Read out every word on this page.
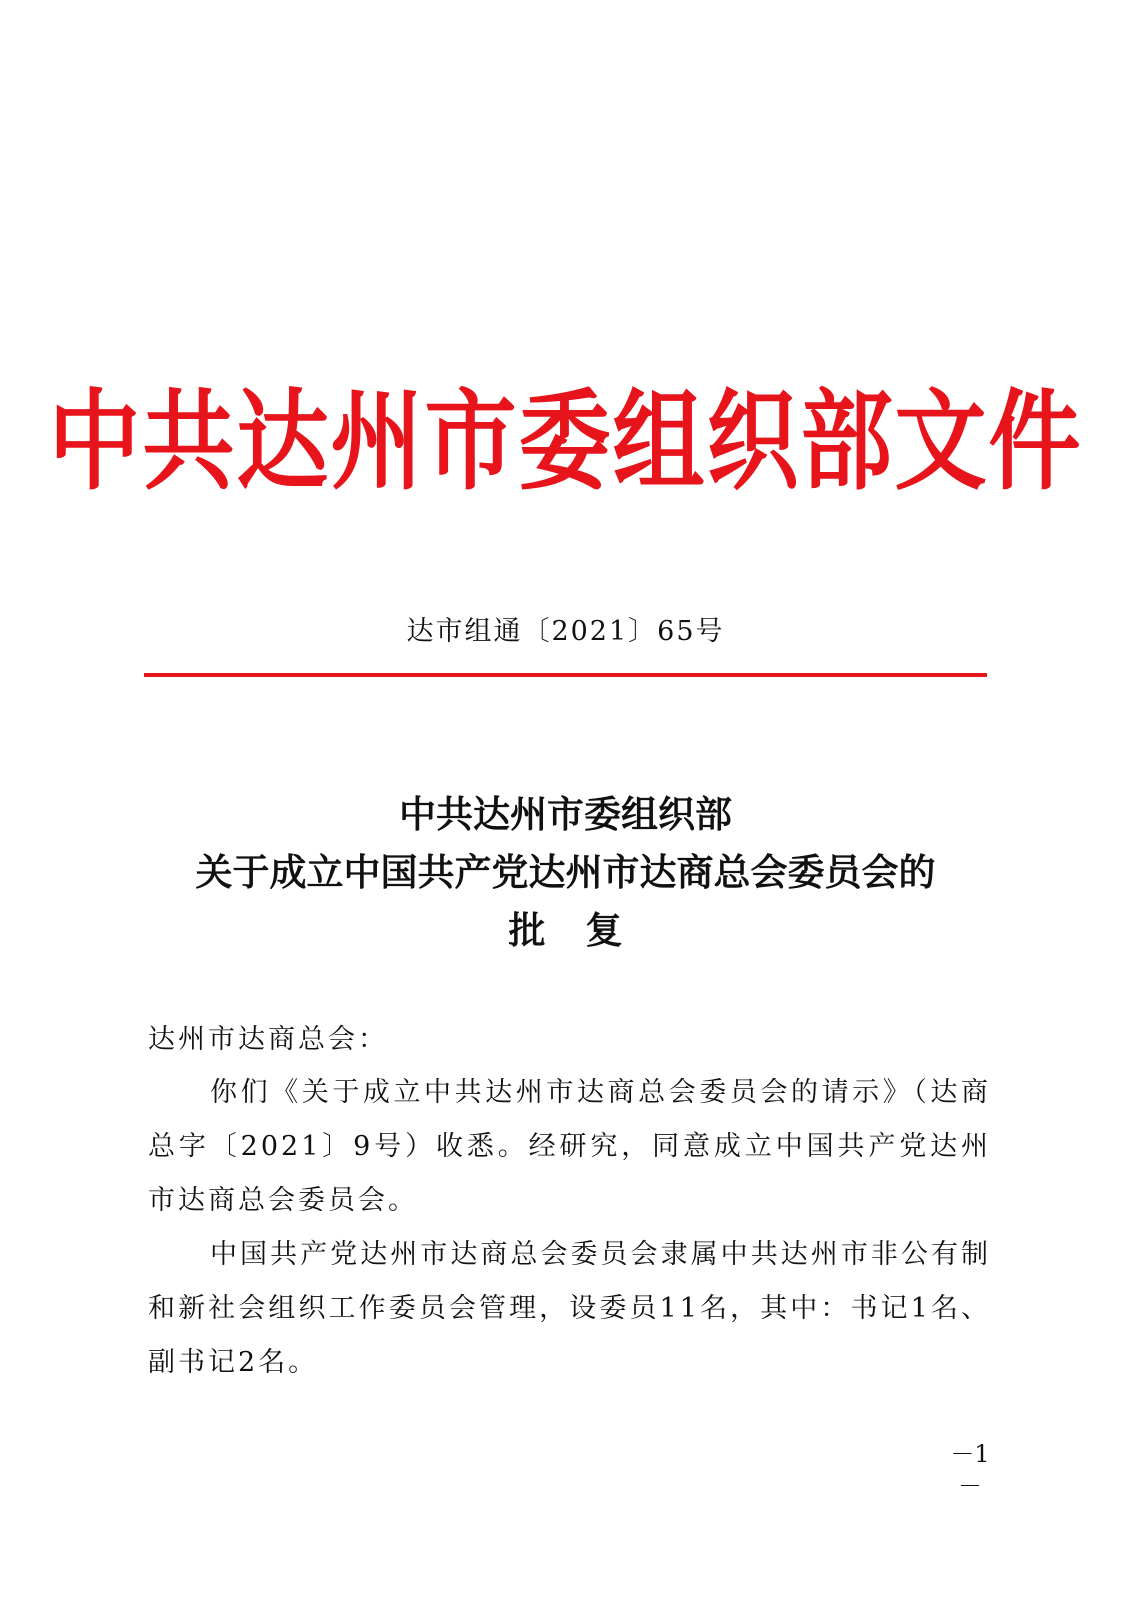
中共达州市委组织部文件
达市组通〔2021〕65号
中共达州市委组织部
关于成立中国共产党达州市达商总会委员会的
批复
达州市达商总会：
你们《关于成立中共达州市达商总会委员会的请示》（达商总字〔2021〕9号）收悉。经研究，同意成立中国共产党达州市达商总会委员会。
中国共产党达州市达商总会委员会隶属中共达州市非公有制和新社会组织工作委员会管理，设委员11名，其中：书记1名、副书记2名。
－1－
